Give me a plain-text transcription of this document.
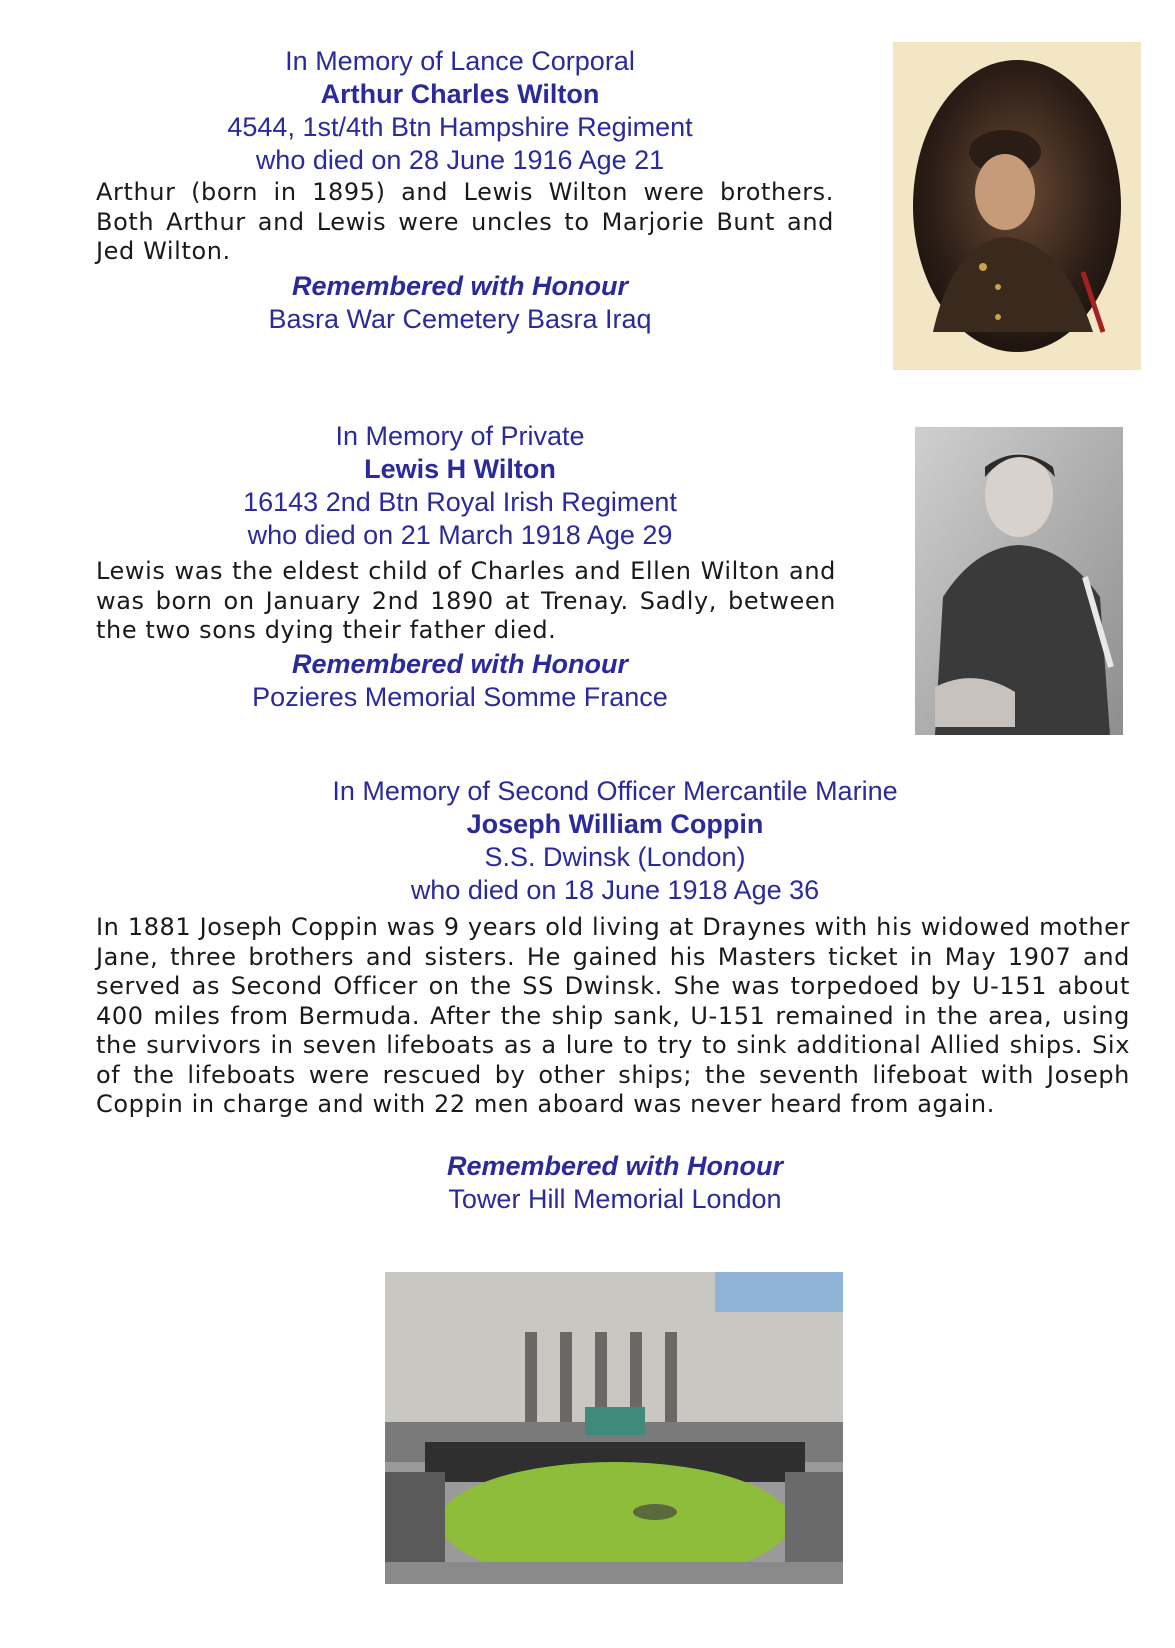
In Memory of Lance Corporal
Arthur Charles Wilton
4544, 1st/4th Btn Hampshire Regiment
who died on 28 June 1916 Age 21

Arthur (born in 1895) and Lewis Wilton were brothers. Both Arthur and Lewis were uncles to Marjorie Bunt and Jed Wilton.

Remembered with Honour
Basra War Cemetery Basra Iraq
In Memory of Private
Lewis H Wilton
16143 2nd Btn Royal Irish Regiment
who died on 21 March 1918 Age 29

Lewis was the eldest child of Charles and Ellen Wilton and was born on January 2nd 1890 at Trenay. Sadly, between the two sons dying their father died.

Remembered with Honour
Pozieres Memorial Somme France
In Memory of Second Officer Mercantile Marine
Joseph William Coppin
S.S. Dwinsk (London)
who died on 18 June 1918 Age 36

In 1881 Joseph Coppin was 9 years old living at Draynes with his widowed mother Jane, three brothers and sisters. He gained his Masters ticket in May 1907 and served as Second Officer on the SS Dwinsk. She was torpedoed by U-151 about 400 miles from Bermuda. After the ship sank, U-151 remained in the area, using the survivors in seven lifeboats as a lure to try to sink additional Allied ships. Six of the lifeboats were rescued by other ships; the seventh lifeboat with Joseph Coppin in charge and with 22 men aboard was never heard from again.

Remembered with Honour
Tower Hill Memorial London
